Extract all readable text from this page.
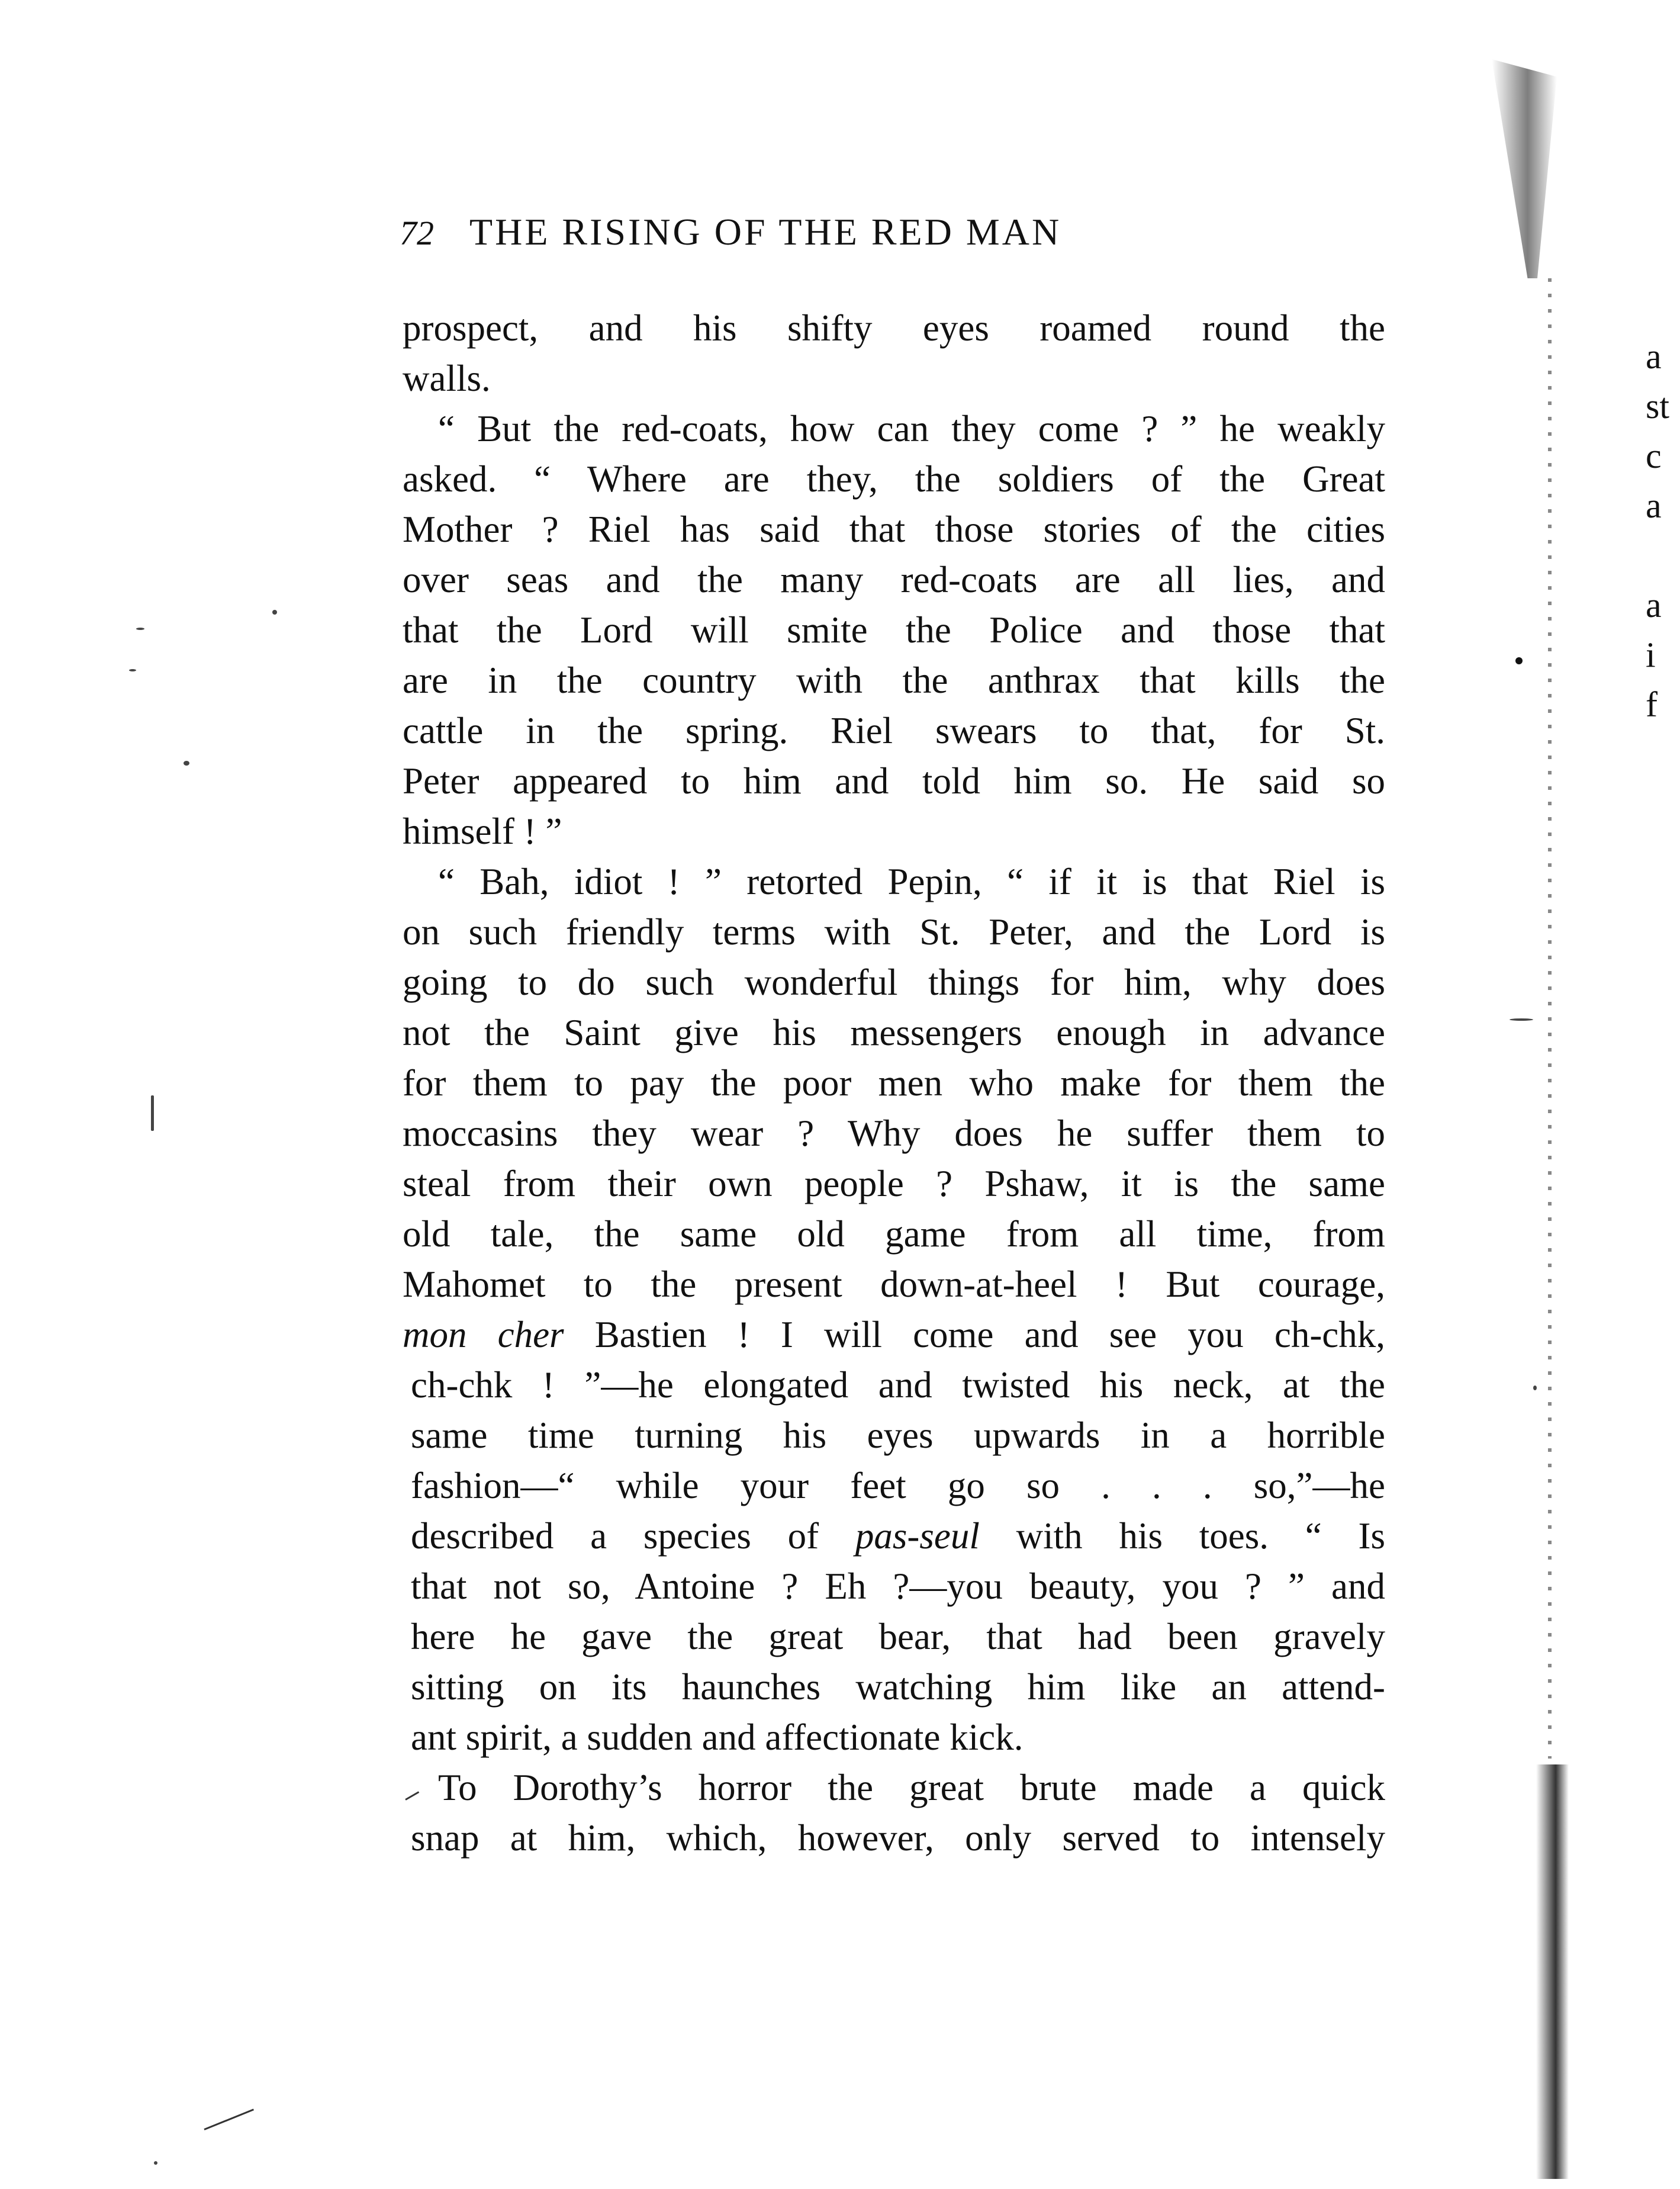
72 THE RISING OF THE RED MAN
prospect, and his shifty eyes roamed round the
walls.
“ But the red-coats, how can they come ? ” he weakly
asked. “ Where are they, the soldiers of the Great
Mother ? Riel has said that those stories of the cities
over seas and the many red-coats are all lies, and
that the Lord will smite the Police and those that
are in the country with the anthrax that kills the
cattle in the spring. Riel swears to that, for St.
Peter appeared to him and told him so. He said so
himself ! ”
“ Bah, idiot ! ” retorted Pepin, “ if it is that Riel is
on such friendly terms with St. Peter, and the Lord is
going to do such wonderful things for him, why does
not the Saint give his messengers enough in advance
for them to pay the poor men who make for them the
moccasins they wear ? Why does he suffer them to
steal from their own people ? Pshaw, it is the same
old tale, the same old game from all time, from
Mahomet to the present down-at-heel ! But courage,
mon cher Bastien ! I will come and see you ch-chk,
ch-chk ! ”—he elongated and twisted his neck, at the
same time turning his eyes upwards in a horrible
fashion—“ while your feet go so . . . so,”—he
described a species of pas-seul with his toes. “ Is
that not so, Antoine ? Eh ?—you beauty, you ? ” and
here he gave the great bear, that had been gravely
sitting on its haunches watching him like an attend-
ant spirit, a sudden and affectionate kick.
To Dorothy’s horror the great brute made a quick
snap at him, which, however, only served to intensely
a
st
c
a
a
i
f
